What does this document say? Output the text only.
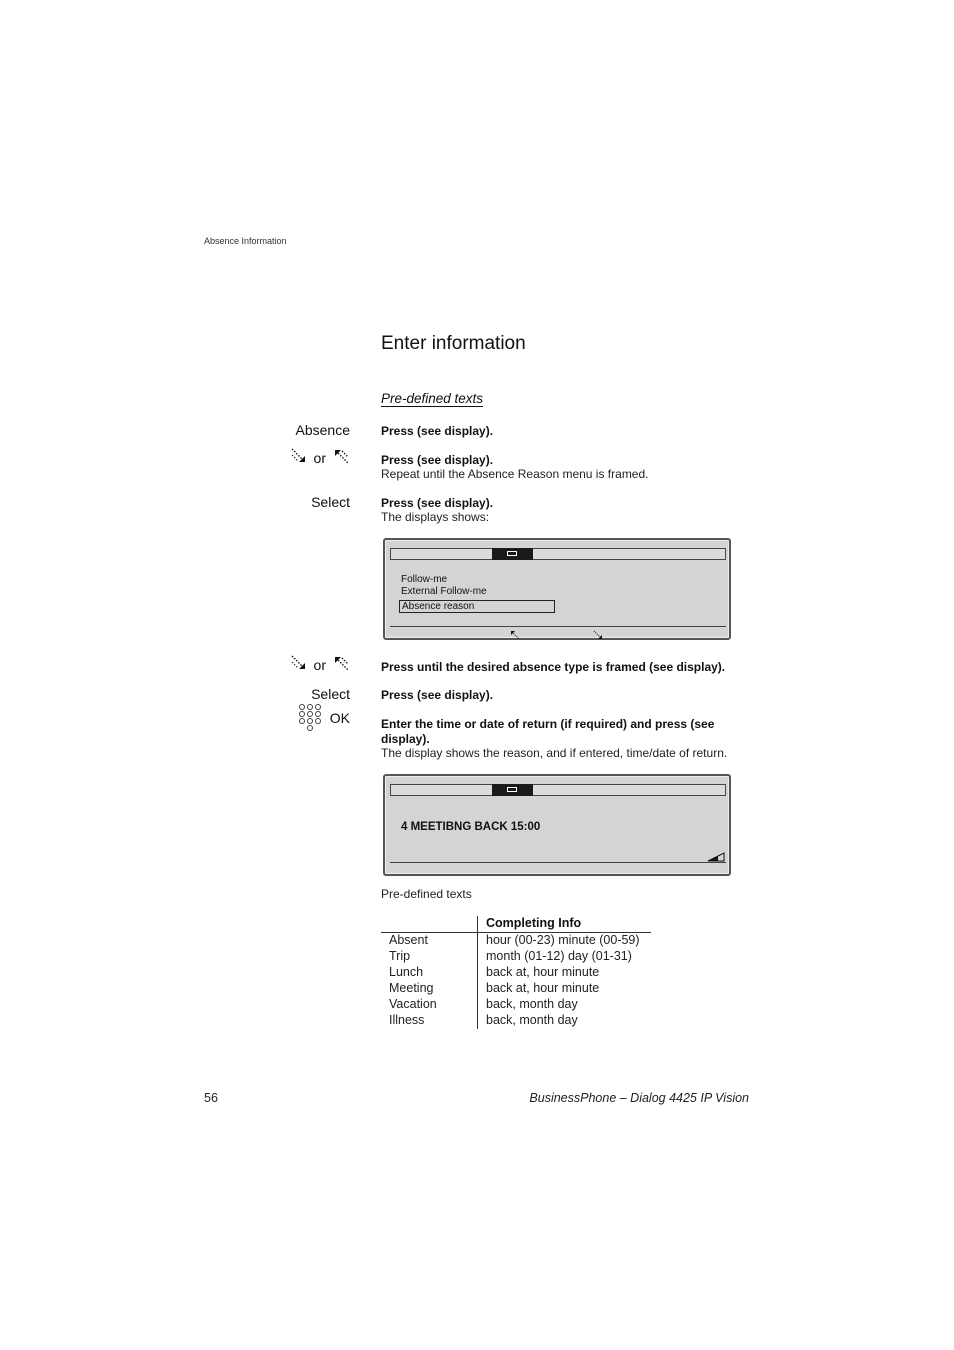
Absence Information
Enter information
Pre-defined texts
Absence	Press (see display).
or	Press (see display).
Repeat until the Absence Reason menu is framed.
Select	Press (see display).
The displays shows:
Follow-me
External Follow-me
Absence reason
or	Press until the desired absence type is framed (see display).
Select	Press (see display).
OK	Enter the time or date of return (if required) and press (see
display).
The display shows the reason, and if entered, time/date of return.
4 MEETIBNG BACK 15:00
Pre-defined texts
	Completing Info
Absent	hour (00-23) minute (00-59)
Trip	month (01-12) day (01-31)
Lunch	back at, hour minute
Meeting	back at, hour minute
Vacation	back, month day
Illness	back, month day
56	BusinessPhone – Dialog 4425 IP Vision
